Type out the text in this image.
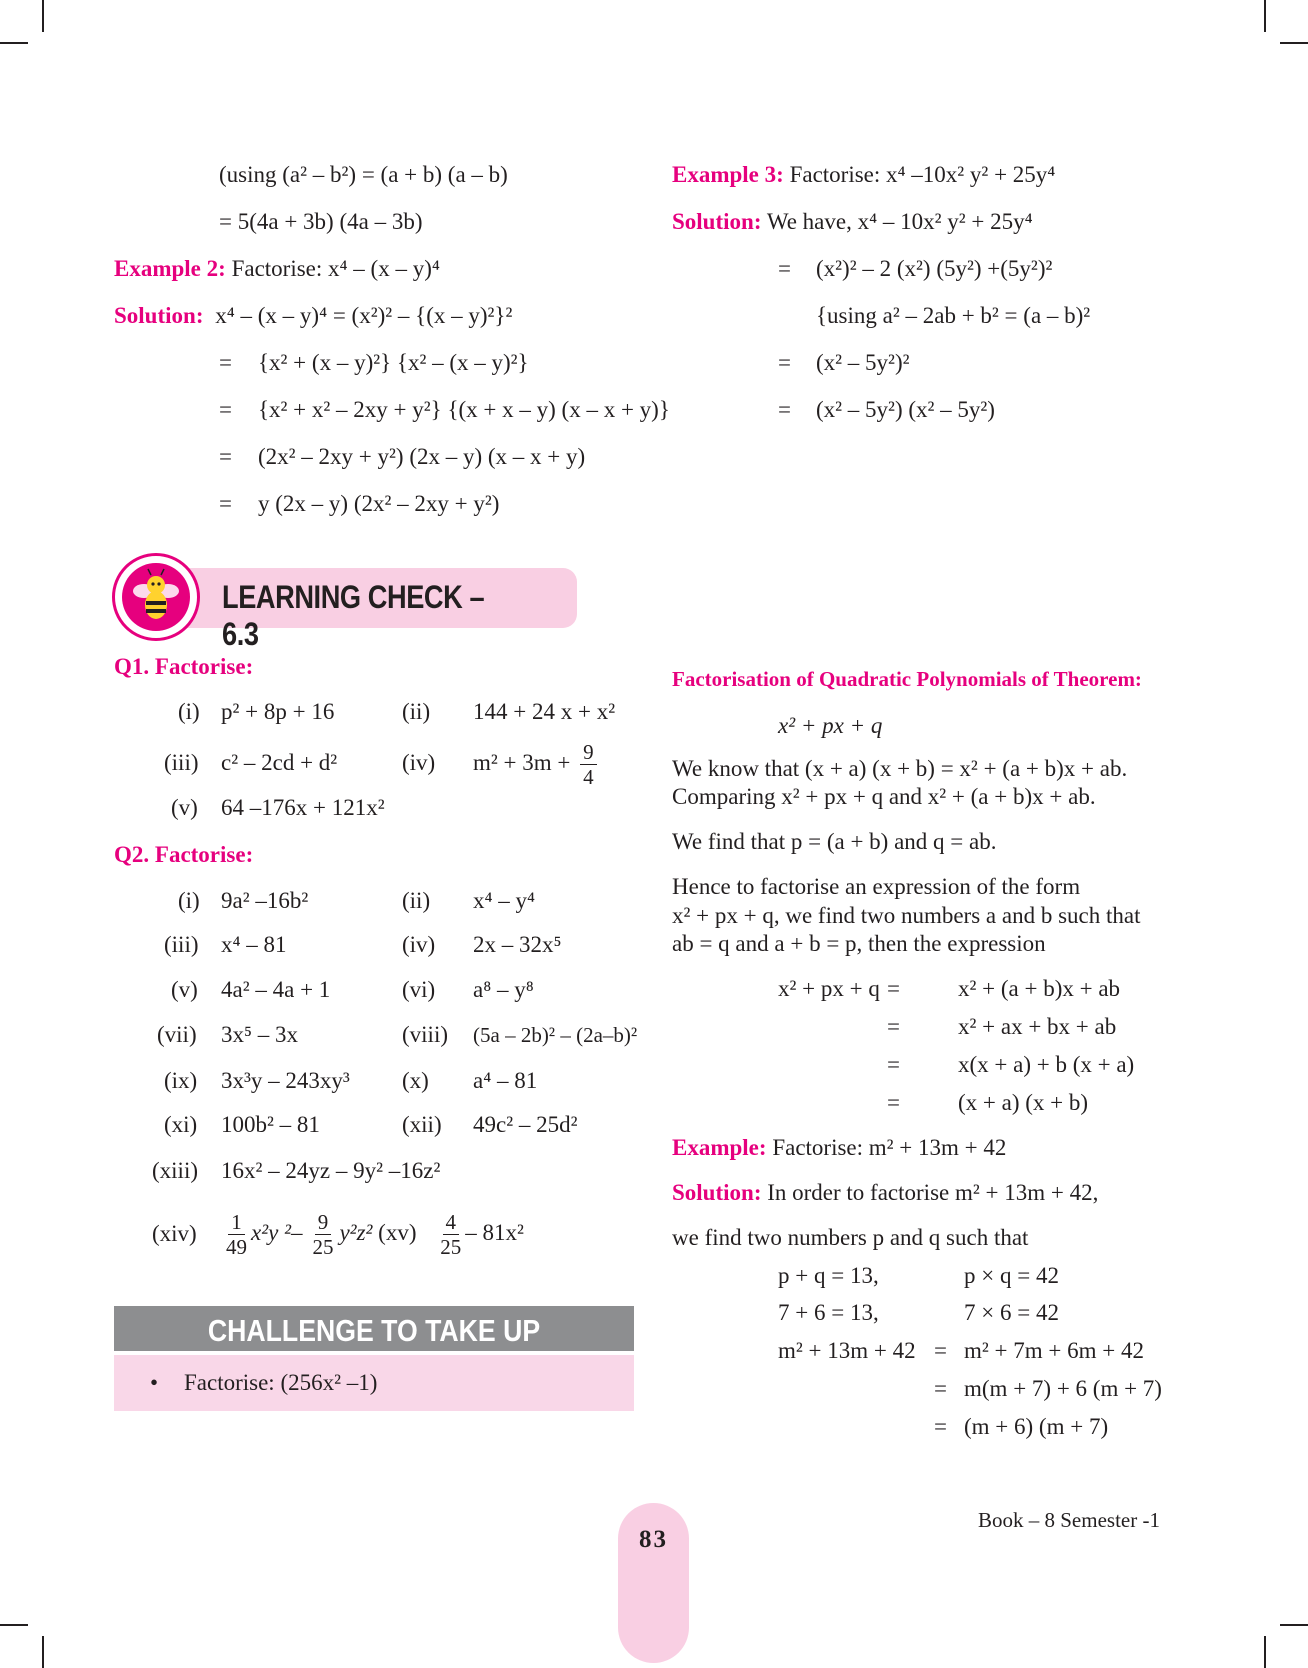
(using (a² – b²) = (a + b) (a – b)
= 5(4a + 3b) (4a – 3b)
Example 2: Factorise: x⁴ – (x – y)⁴
Solution: x⁴ – (x – y)⁴ = (x²)² – {(x – y)²}²
= {x² + (x – y)²} {x² – (x – y)²}
= {x² + x² – 2xy + y²} {(x + x – y) (x – x + y)}
= (2x² – 2xy + y²) (2x – y) (x – x + y)
= y (2x – y) (2x² – 2xy + y²)
LEARNING CHECK – 6.3
Q1. Factorise:
(i) p² + 8p + 16	(ii) 144 + 24 x + x²
(iii) c² – 2cd + d²	(iv) $m^2 + 3m + \frac{9}{4}$
(v) 64 –176x + 121x²
Q2. Factorise:
(i) 9a² –16b²	(ii) x⁴ – y⁴
(iii) x⁴ – 81	(iv) 2x – 32x⁵
(v) 4a² – 4a + 1	(vi) a⁸ – y⁸
(vii) 3x⁵ – 3x	(viii) (5a – 2b)² – (2a–b)²
(ix) 3x³y – 243xy³ (x) a⁴ – 81
(xi) 100b² – 81	(xii) 49c² – 25d²
(xiii) 16x² – 24yz – 9y² –16z²
$(xiv) \frac{1}{49} x^2y$ $^2- \frac{9}{25} y^2z^2$ $(xv) \frac{4}{25} - 81x^2$
CHALLENGE TO TAKE UP
• Factorise: (256x² –1)
Example 3: Factorise: x⁴ –10x² y² + 25y⁴
Solution: We have, x⁴ – 10x² y² + 25y⁴
= (x²)² – 2 (x²) (5y²) +(5y²)²
{using a² – 2ab + b² = (a – b)²
= (x² – 5y²)²
= (x² – 5y²) (x² – 5y²)
Factorisation of Quadratic Polynomials of Theorem:
x² + px + q
We know that (x + a) (x + b) = x² + (a + b)x + ab.
Comparing x² + px + q and x² + (a + b)x + ab.
We find that p = (a + b) and q = ab.
Hence to factorise an expression of the form
x² + px + q, we find two numbers a and b such that
ab = q and a + b = p, then the expression
x² + px + q =	x² + (a + b)x + ab
=	x² + ax + bx + ab
=	x(x + a) + b (x + a)
=	(x + a) (x + b)
Example: Factorise: m² + 13m + 42
Solution: In order to factorise m² + 13m + 42,
we find two numbers p and q such that
p + q = 13,	p × q = 42
7 + 6 = 13,	7 × 6 = 42
m² + 13m + 42 = m² + 7m + 6m + 42
= m(m + 7) + 6 (m + 7)
= (m + 6) (m + 7)
83
Book – 8 Semester -1
